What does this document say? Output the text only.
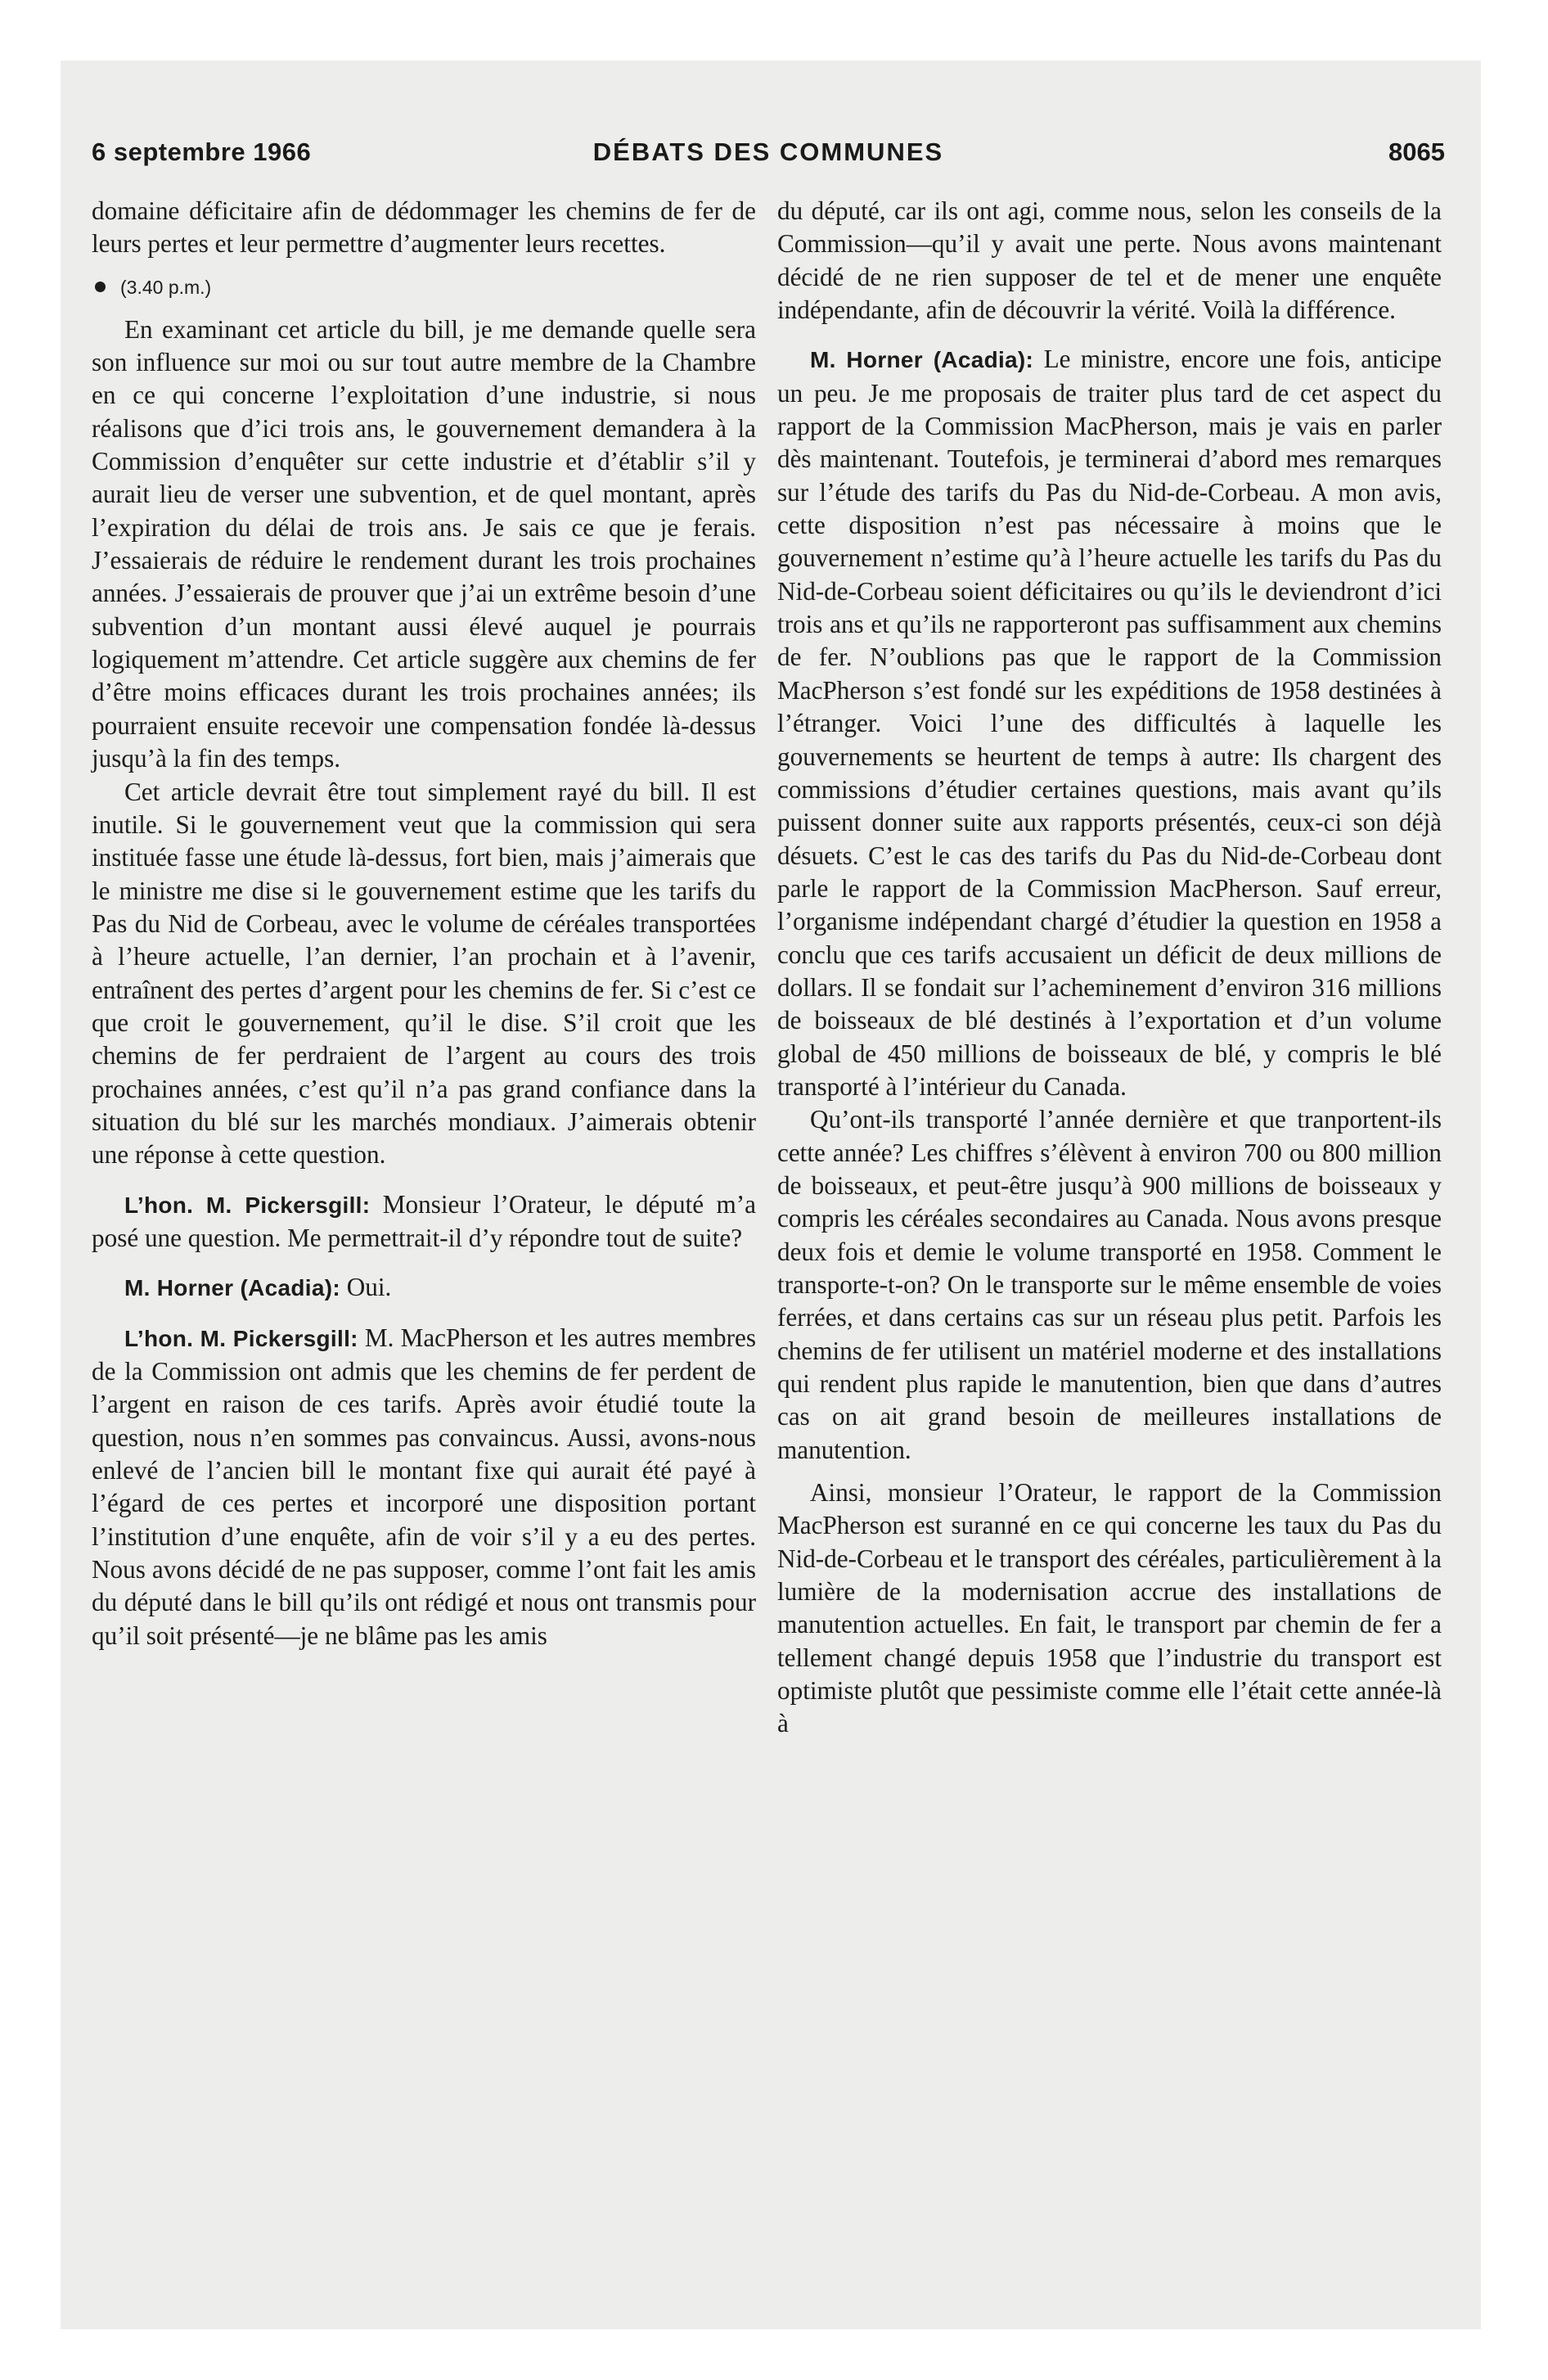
6 septembre 1966	DÉBATS DES COMMUNES	8065

domaine déficitaire afin de dédommager les chemins de fer de leurs pertes et leur permettre d’augmenter leurs recettes.

(3.40 p.m.)

En examinant cet article du bill, je me demande quelle sera son influence sur moi ou sur tout autre membre de la Chambre en ce qui concerne l’exploitation d’une industrie, si nous réalisons que d’ici trois ans, le gouvernement demandera à la Commission d’enquêter sur cette industrie et d’établir s’il y aurait lieu de verser une subvention, et de quel montant, après l’expiration du délai de trois ans. Je sais ce que je ferais. J’essaierais de réduire le rendement durant les trois prochaines années. J’essaierais de prouver que j’ai un extrême besoin d’une subvention d’un montant aussi élevé auquel je pourrais logiquement m’attendre. Cet article suggère aux chemins de fer d’être moins efficaces durant les trois prochaines années; ils pourraient ensuite recevoir une compensation fondée là-dessus jusqu’à la fin des temps.

Cet article devrait être tout simplement rayé du bill. Il est inutile. Si le gouvernement veut que la commission qui sera instituée fasse une étude là-dessus, fort bien, mais j’aimerais que le ministre me dise si le gouvernement estime que les tarifs du Pas du Nid de Corbeau, avec le volume de céréales transportées à l’heure actuelle, l’an dernier, l’an prochain et à l’avenir, entraînent des pertes d’argent pour les chemins de fer. Si c’est ce que croit le gouvernement, qu’il le dise. S’il croit que les chemins de fer perdraient de l’argent au cours des trois prochaines années, c’est qu’il n’a pas grand confiance dans la situation du blé sur les marchés mondiaux. J’aimerais obtenir une réponse à cette question.

L’hon. M. Pickersgill: Monsieur l’Orateur, le député m’a posé une question. Me permettrait-il d’y répondre tout de suite?

M. Horner (Acadia): Oui.

L’hon. M. Pickersgill: M. MacPherson et les autres membres de la Commission ont admis que les chemins de fer perdent de l’argent en raison de ces tarifs. Après avoir étudié toute la question, nous n’en sommes pas convaincus. Aussi, avons-nous enlevé de l’ancien bill le montant fixe qui aurait été payé à l’égard de ces pertes et incorporé une disposition portant l’institution d’une enquête, afin de voir s’il y a eu des pertes. Nous avons décidé de ne pas supposer, comme l’ont fait les amis du député dans le bill qu’ils ont rédigé et nous ont transmis pour qu’il soit présenté—je ne blâme pas les amis

du député, car ils ont agi, comme nous, selon les conseils de la Commission—qu’il y avait une perte. Nous avons maintenant décidé de ne rien supposer de tel et de mener une enquête indépendante, afin de découvrir la vérité. Voilà la différence.

M. Horner (Acadia): Le ministre, encore une fois, anticipe un peu. Je me proposais de traiter plus tard de cet aspect du rapport de la Commission MacPherson, mais je vais en parler dès maintenant. Toutefois, je terminerai d’abord mes remarques sur l’étude des tarifs du Pas du Nid-de-Corbeau. A mon avis, cette disposition n’est pas nécessaire à moins que le gouvernement n’estime qu’à l’heure actuelle les tarifs du Pas du Nid-de-Corbeau soient déficitaires ou qu’ils le deviendront d’ici trois ans et qu’ils ne rapporteront pas suffisamment aux chemins de fer. N’oublions pas que le rapport de la Commission MacPherson s’est fondé sur les expéditions de 1958 destinées à l’étranger. Voici l’une des difficultés à laquelle les gouvernements se heurtent de temps à autre: Ils chargent des commissions d’étudier certaines questions, mais avant qu’ils puissent donner suite aux rapports présentés, ceux-ci son déjà désuets. C’est le cas des tarifs du Pas du Nid-de-Corbeau dont parle le rapport de la Commission MacPherson. Sauf erreur, l’organisme indépendant chargé d’étudier la question en 1958 a conclu que ces tarifs accusaient un déficit de deux millions de dollars. Il se fondait sur l’acheminement d’environ 316 millions de boisseaux de blé destinés à l’exportation et d’un volume global de 450 millions de boisseaux de blé, y compris le blé transporté à l’intérieur du Canada.

Qu’ont-ils transporté l’année dernière et que tranportent-ils cette année? Les chiffres s’élèvent à environ 700 ou 800 million de boisseaux, et peut-être jusqu’à 900 millions de boisseaux y compris les céréales secondaires au Canada. Nous avons presque deux fois et demie le volume transporté en 1958. Comment le transporte-t-on? On le transporte sur le même ensemble de voies ferrées, et dans certains cas sur un réseau plus petit. Parfois les chemins de fer utilisent un matériel moderne et des installations qui rendent plus rapide le manutention, bien que dans d’autres cas on ait grand besoin de meilleures installations de manutention.

Ainsi, monsieur l’Orateur, le rapport de la Commission MacPherson est suranné en ce qui concerne les taux du Pas du Nid-de-Corbeau et le transport des céréales, particulièrement à la lumière de la modernisation accrue des installations de manutention actuelles. En fait, le transport par chemin de fer a tellement changé depuis 1958 que l’industrie du transport est optimiste plutôt que pessimiste comme elle l’était cette année-là à
